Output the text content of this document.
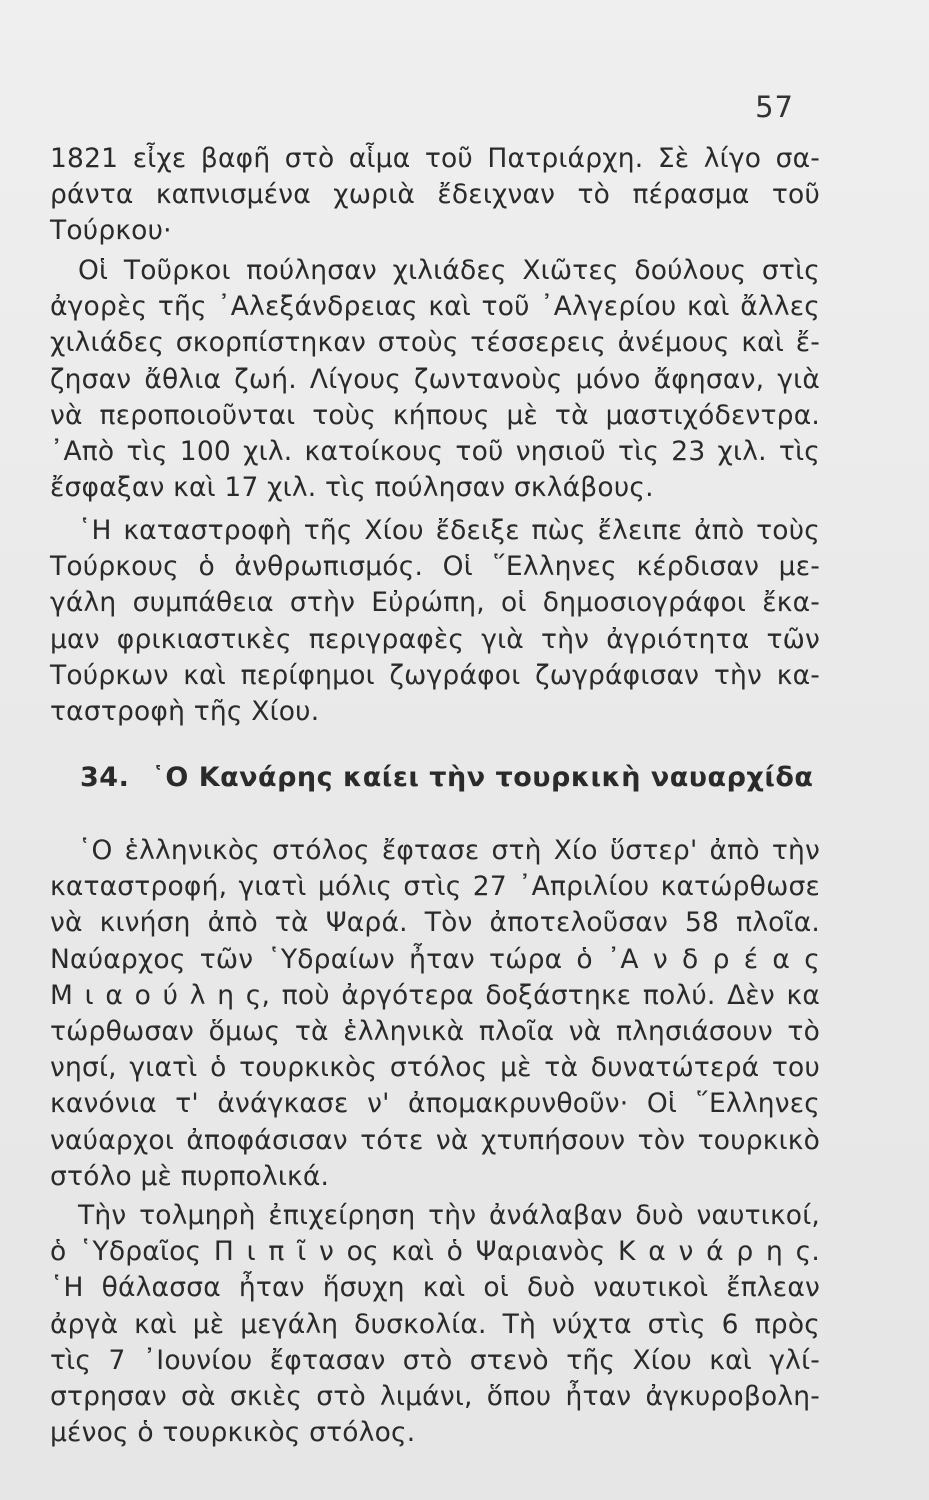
57
1821 εἶχε βαφῆ στὸ αἷμα τοῦ Πατριάρχη. Σὲ λίγο σα-
ράντα καπνισμένα χωριὰ ἔδειχναν τὸ πέρασμα τοῦ
Τούρκου·
Οἱ Τοῦρκοι πούλησαν χιλιάδες Χιῶτες δούλους στὶς
ἀγορὲς τῆς ᾿Αλεξάνδρειας καὶ τοῦ ᾿Αλγερίου καὶ ἄλλες
χιλιάδες σκορπίστηκαν στοὺς τέσσερεις ἀνέμους καὶ ἔ-
ζησαν ἄθλια ζωή. Λίγους ζωντανοὺς μόνο ἄφησαν, γιὰ
νὰ περοποιοῦνται τοὺς κήπους μὲ τὰ μαστιχόδεντρα.
᾿Απὸ τὶς 100 χιλ. κατοίκους τοῦ νησιοῦ τὶς 23 χιλ. τὶς
ἔσφαξαν καὶ 17 χιλ. τὶς πούλησαν σκλάβους.
῾Η καταστροφὴ τῆς Χίου ἔδειξε πὼς ἔλειπε ἀπὸ τοὺς
Τούρκους ὁ ἀνθρωπισμός. Οἱ ῞Ελληνες κέρδισαν με-
γάλη συμπάθεια στὴν Εὐρώπη, οἱ δημοσιογράφοι ἔκα-
μαν φρικιαστικὲς περιγραφὲς γιὰ τὴν ἀγριότητα τῶν
Τούρκων καὶ περίφημοι ζωγράφοι ζωγράφισαν τὴν κα-
ταστροφὴ τῆς Χίου.
34. ῾Ο Κανάρης καίει τὴν τουρκικὴ ναυαρχίδα
῾Ο ἑλληνικὸς στόλος ἔφτασε στὴ Χίο ὕστερ' ἀπὸ τὴν
καταστροφή, γιατὶ μόλις στὶς 27 ᾿Απριλίου κατώρθωσε
νὰ κινήση ἀπὸ τὰ Ψαρά. Τὸν ἀποτελοῦσαν 58 πλοῖα.
Ναύαρχος τῶν ῾Υδραίων ἦταν τώρα ὁ ᾿Α ν δ ρ έ α ς
Μ ι α ο ύ λ η ς, ποὺ ἀργότερα δοξάστηκε πολύ. Δὲν κα
τώρθωσαν ὅμως τὰ ἑλληνικὰ πλοῖα νὰ πλησιάσουν τὸ
νησί, γιατὶ ὁ τουρκικὸς στόλος μὲ τὰ δυνατώτερά του
κανόνια τ' ἀνάγκασε ν' ἀπομακρυνθοῦν· Οἱ ῞Ελληνες
ναύαρχοι ἀποφάσισαν τότε νὰ χτυπήσουν τὸν τουρκικὸ
στόλο μὲ πυρπολικά.
Τὴν τολμηρὴ ἐπιχείρηση τὴν ἀνάλαβαν δυὸ ναυτικοί,
ὁ ῾Υδραῖος Π ι π ῖ ν ος καὶ ὁ Ψαριανὸς Κ α ν ά ρ η ς.
῾Η θάλασσα ἦταν ἥσυχη καὶ οἱ δυὸ ναυτικοὶ ἔπλεαν
ἀργὰ καὶ μὲ μεγάλη δυσκολία. Τὴ νύχτα στὶς 6 πρὸς
τὶς 7 ᾿Ιουνίου ἔφτασαν στὸ στενὸ τῆς Χίου καὶ γλί-
στρησαν σὰ σκιὲς στὸ λιμάνι, ὅπου ἦταν ἀγκυροβολη-
μένος ὁ τουρκικὸς στόλος.
